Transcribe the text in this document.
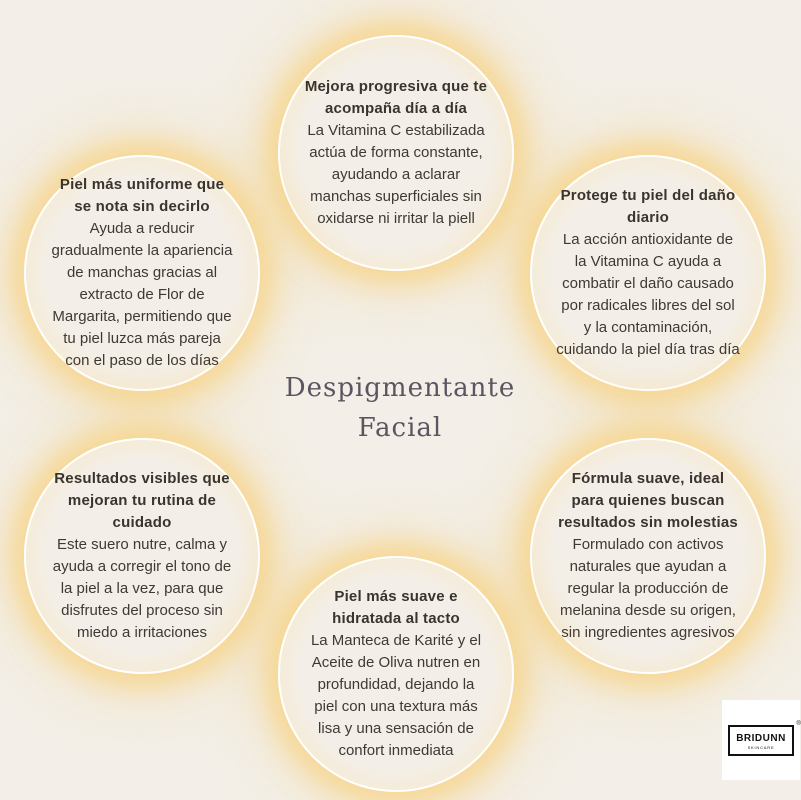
Mejora progresiva que te acompaña día a día
La Vitamina C estabilizada actúa de forma constante, ayudando a aclarar manchas superficiales sin oxidarse ni irritar la piell
Piel más uniforme que se nota sin decirlo
Ayuda a reducir gradualmente la apariencia de manchas gracias al extracto de Flor de Margarita, permitiendo que tu piel luzca más pareja con el paso de los días
Protege tu piel del daño diario
La acción antioxidante de la Vitamina C ayuda a combatir el daño causado por radicales libres del sol y la contaminación, cuidando la piel día tras día
Resultados visibles que mejoran tu rutina de cuidado
Este suero nutre, calma y ayuda a corregir el tono de la piel a la vez, para que disfrutes del proceso sin miedo a irritaciones
Fórmula suave, ideal para quienes buscan resultados sin molestias
Formulado con activos naturales que ayudan a regular la producción de melanina desde su origen, sin ingredientes agresivos
Piel más suave e hidratada al tacto
La Manteca de Karité y el Aceite de Oliva nutren en profundidad, dejando la piel con una textura más lisa y una sensación de confort inmediata
Despigmentante
Facial
BRIDUNN
SKINCARE
®
